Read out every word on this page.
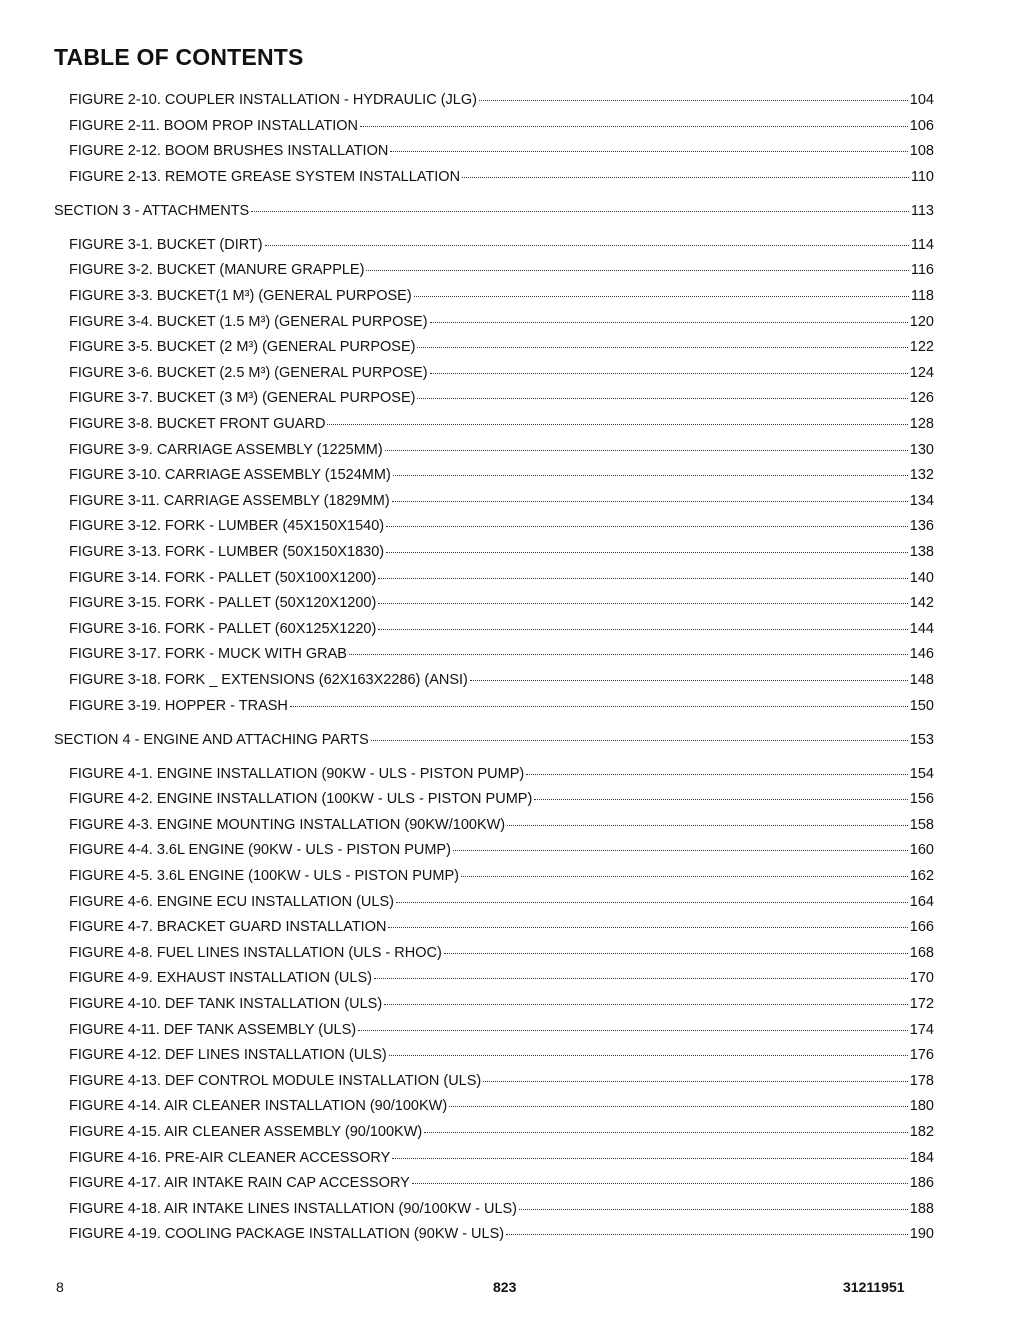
TABLE OF CONTENTS
FIGURE 2-10. COUPLER INSTALLATION - HYDRAULIC (JLG)	104
FIGURE 2-11. BOOM PROP INSTALLATION	106
FIGURE 2-12. BOOM BRUSHES INSTALLATION	108
FIGURE 2-13. REMOTE GREASE SYSTEM INSTALLATION	110
SECTION 3 - ATTACHMENTS	113
FIGURE 3-1. BUCKET (DIRT)	114
FIGURE 3-2. BUCKET (MANURE GRAPPLE)	116
FIGURE 3-3. BUCKET(1 M³) (GENERAL PURPOSE)	118
FIGURE 3-4. BUCKET (1.5 M³) (GENERAL PURPOSE)	120
FIGURE 3-5. BUCKET (2 M³) (GENERAL PURPOSE)	122
FIGURE 3-6. BUCKET (2.5 M³) (GENERAL PURPOSE)	124
FIGURE 3-7. BUCKET (3 M³) (GENERAL PURPOSE)	126
FIGURE 3-8. BUCKET FRONT GUARD	128
FIGURE 3-9. CARRIAGE ASSEMBLY (1225MM)	130
FIGURE 3-10. CARRIAGE ASSEMBLY (1524MM)	132
FIGURE 3-11. CARRIAGE ASSEMBLY (1829MM)	134
FIGURE 3-12. FORK - LUMBER (45X150X1540)	136
FIGURE 3-13. FORK - LUMBER (50X150X1830)	138
FIGURE 3-14. FORK - PALLET (50X100X1200)	140
FIGURE 3-15. FORK - PALLET (50X120X1200)	142
FIGURE 3-16. FORK - PALLET (60X125X1220)	144
FIGURE 3-17. FORK - MUCK WITH GRAB	146
FIGURE 3-18. FORK _ EXTENSIONS (62X163X2286) (ANSI)	148
FIGURE 3-19. HOPPER - TRASH	150
SECTION 4 - ENGINE AND ATTACHING PARTS	153
FIGURE 4-1. ENGINE INSTALLATION (90KW - ULS - PISTON PUMP)	154
FIGURE 4-2. ENGINE INSTALLATION (100KW - ULS - PISTON PUMP)	156
FIGURE 4-3. ENGINE MOUNTING INSTALLATION (90KW/100KW)	158
FIGURE 4-4. 3.6L ENGINE (90KW - ULS - PISTON PUMP)	160
FIGURE 4-5. 3.6L ENGINE (100KW - ULS - PISTON PUMP)	162
FIGURE 4-6. ENGINE ECU INSTALLATION (ULS)	164
FIGURE 4-7. BRACKET GUARD INSTALLATION	166
FIGURE 4-8. FUEL LINES INSTALLATION (ULS - RHOC)	168
FIGURE 4-9. EXHAUST INSTALLATION (ULS)	170
FIGURE 4-10. DEF TANK INSTALLATION (ULS)	172
FIGURE 4-11. DEF TANK ASSEMBLY (ULS)	174
FIGURE 4-12. DEF LINES INSTALLATION (ULS)	176
FIGURE 4-13. DEF CONTROL MODULE INSTALLATION (ULS)	178
FIGURE 4-14. AIR CLEANER INSTALLATION (90/100KW)	180
FIGURE 4-15. AIR CLEANER ASSEMBLY (90/100KW)	182
FIGURE 4-16. PRE-AIR CLEANER ACCESSORY	184
FIGURE 4-17. AIR INTAKE RAIN CAP ACCESSORY	186
FIGURE 4-18. AIR INTAKE LINES INSTALLATION (90/100KW - ULS)	188
FIGURE 4-19. COOLING PACKAGE INSTALLATION (90KW - ULS)	190
8	823	31211951
